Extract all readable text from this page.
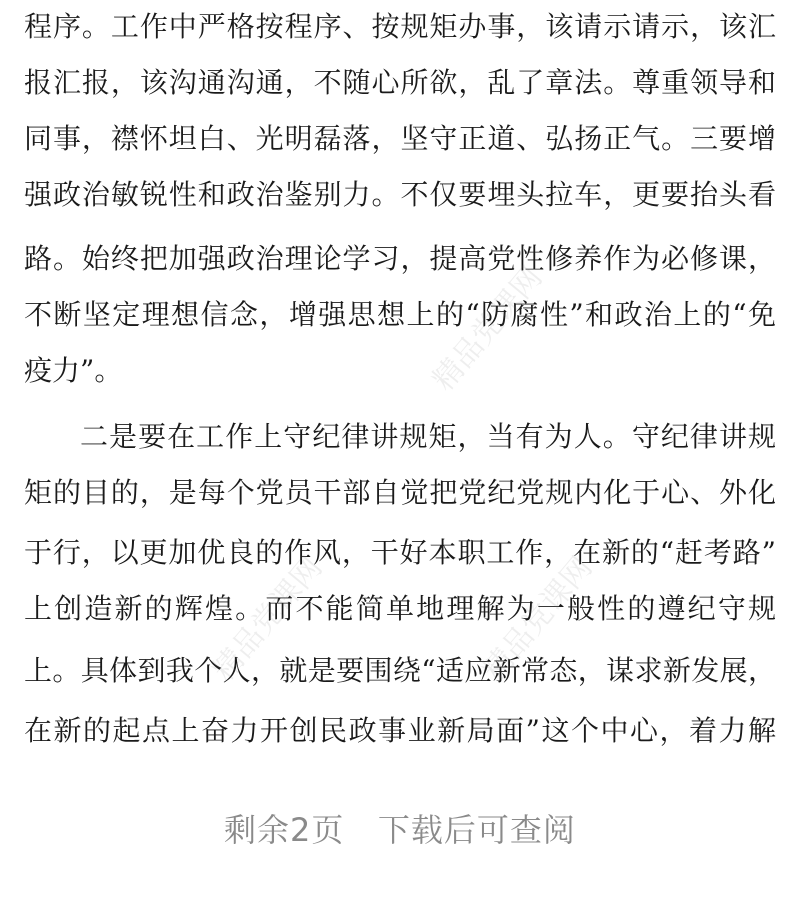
程序。工作中严格按程序、按规矩办事，该请示请示，该汇
报汇报，该沟通沟通，不随心所欲，乱了章法。尊重领导和
同事，襟怀坦白、光明磊落，坚守正道、弘扬正气。三要增
强政治敏锐性和政治鉴别力。不仅要埋头拉车，更要抬头看
路。始终把加强政治理论学习，提高党性修养作为必修课，
不断坚定理想信念，增强思想上的“防腐性”和政治上的“免
疫力”。
二是要在工作上守纪律讲规矩，当有为人。守纪律讲规
矩的目的，是每个党员干部自觉把党纪党规内化于心、外化
于行，以更加优良的作风，干好本职工作，在新的“赶考路”
上创造新的辉煌。而不能简单地理解为一般性的遵纪守规
上。具体到我个人，就是要围绕“适应新常态，谋求新发展，
在新的起点上奋力开创民政事业新局面”这个中心，着力解
精品党课网
精品党课网	精品党课网
剩余2页   下载后可查阅
